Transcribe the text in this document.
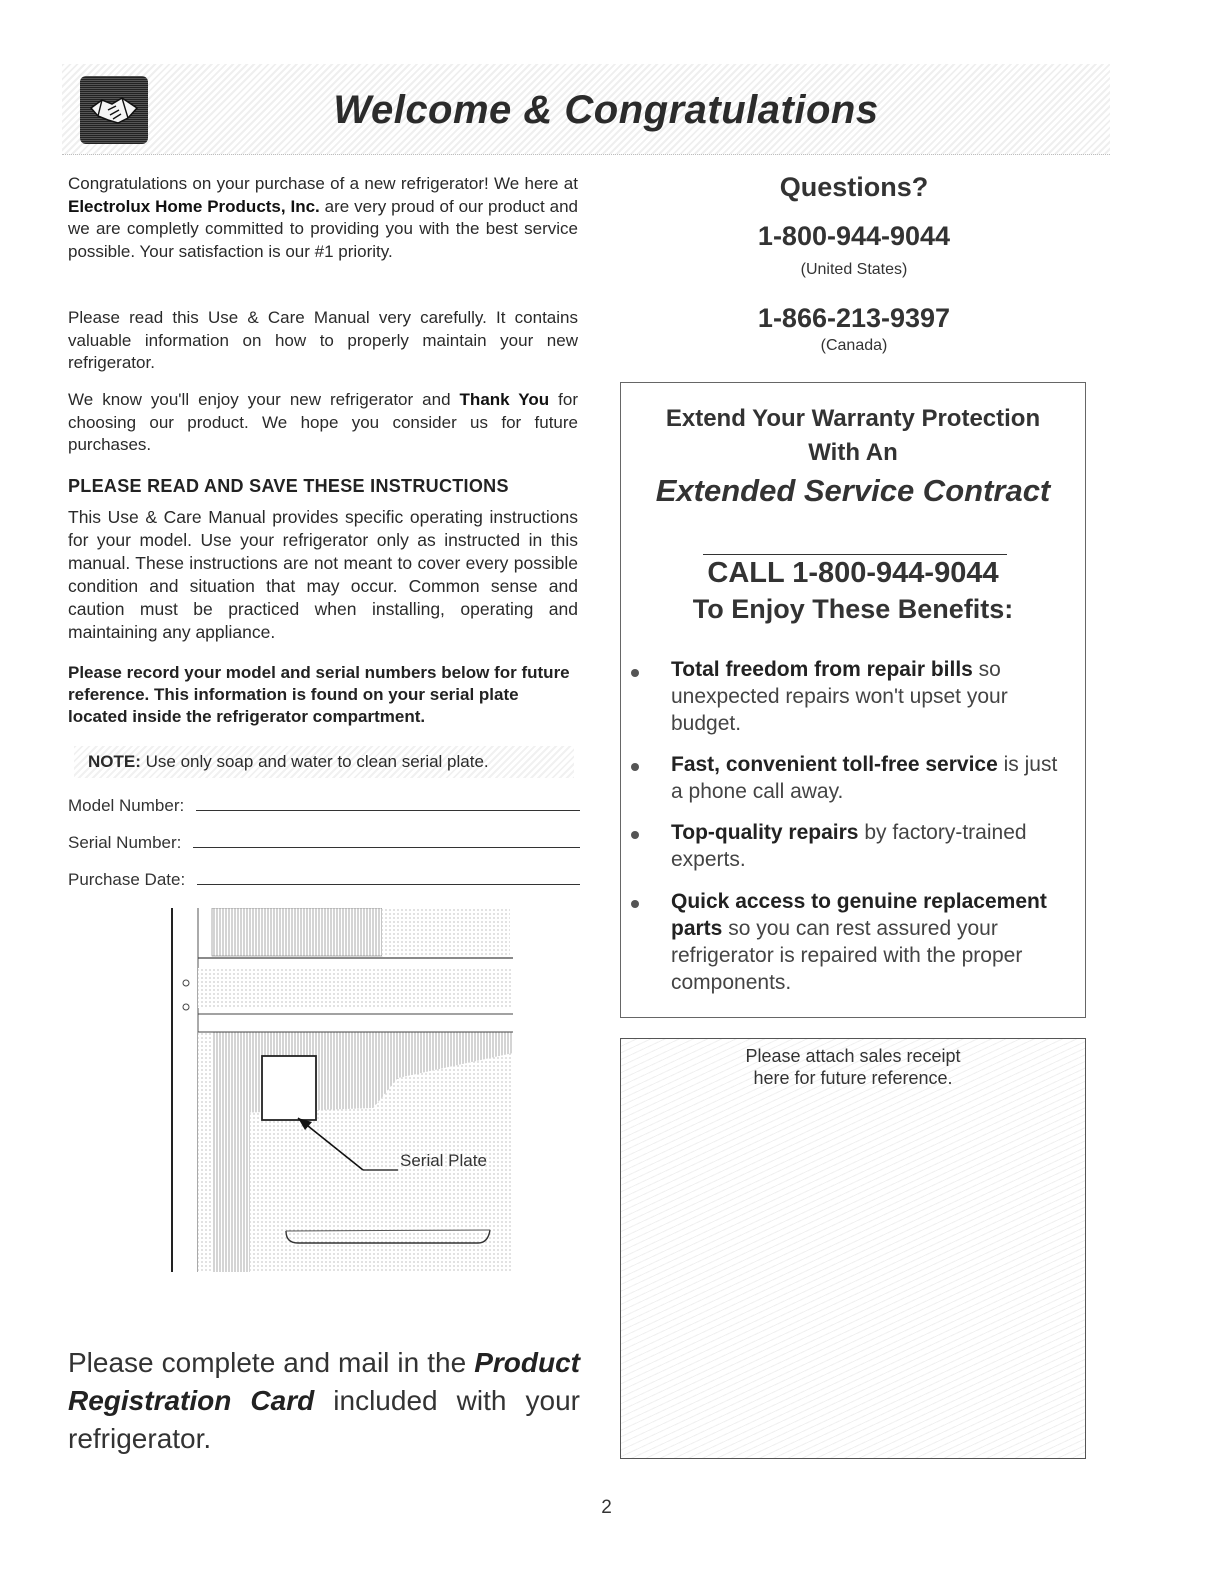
Welcome & Congratulations

Congratulations on your purchase of a new refrigerator! We here at Electrolux Home Products, Inc. are very proud of our product and we are completly committed to providing you with the best service possible. Your satisfaction is our #1 priority.

Please read this Use & Care Manual very carefully. It contains valuable information on how to properly maintain your new refrigerator.

We know you'll enjoy your new refrigerator and Thank You for choosing our product. We hope you consider us for future purchases.

PLEASE READ AND SAVE THESE INSTRUCTIONS

This Use & Care Manual provides specific operating instructions for your model. Use your refrigerator only as instructed in this manual. These instructions are not meant to cover every possible condition and situation that may occur. Common sense and caution must be practiced when installing, operating and maintaining any appliance.

Please record your model and serial numbers below for future reference. This information is found on your serial plate located inside the refrigerator compartment.

NOTE: Use only soap and water to clean serial plate.
Model Number:
Serial Number:
Purchase Date:
Serial Plate

Please complete and mail in the Product Registration Card included with your refrigerator.

Questions?
1-800-944-9044
(United States)
1-866-213-9397
(Canada)
Extend Your Warranty Protection
With An
Extended Service Contract
CALL 1-800-944-9044
To Enjoy These Benefits:
Total freedom from repair bills so unexpected repairs won't upset your budget.
Fast, convenient toll-free service is just a phone call away.
Top-quality repairs by factory-trained experts.
Quick access to genuine replacement parts so you can rest assured your refrigerator is repaired with the proper components.
Please attach sales receipt
here for future reference.
2
